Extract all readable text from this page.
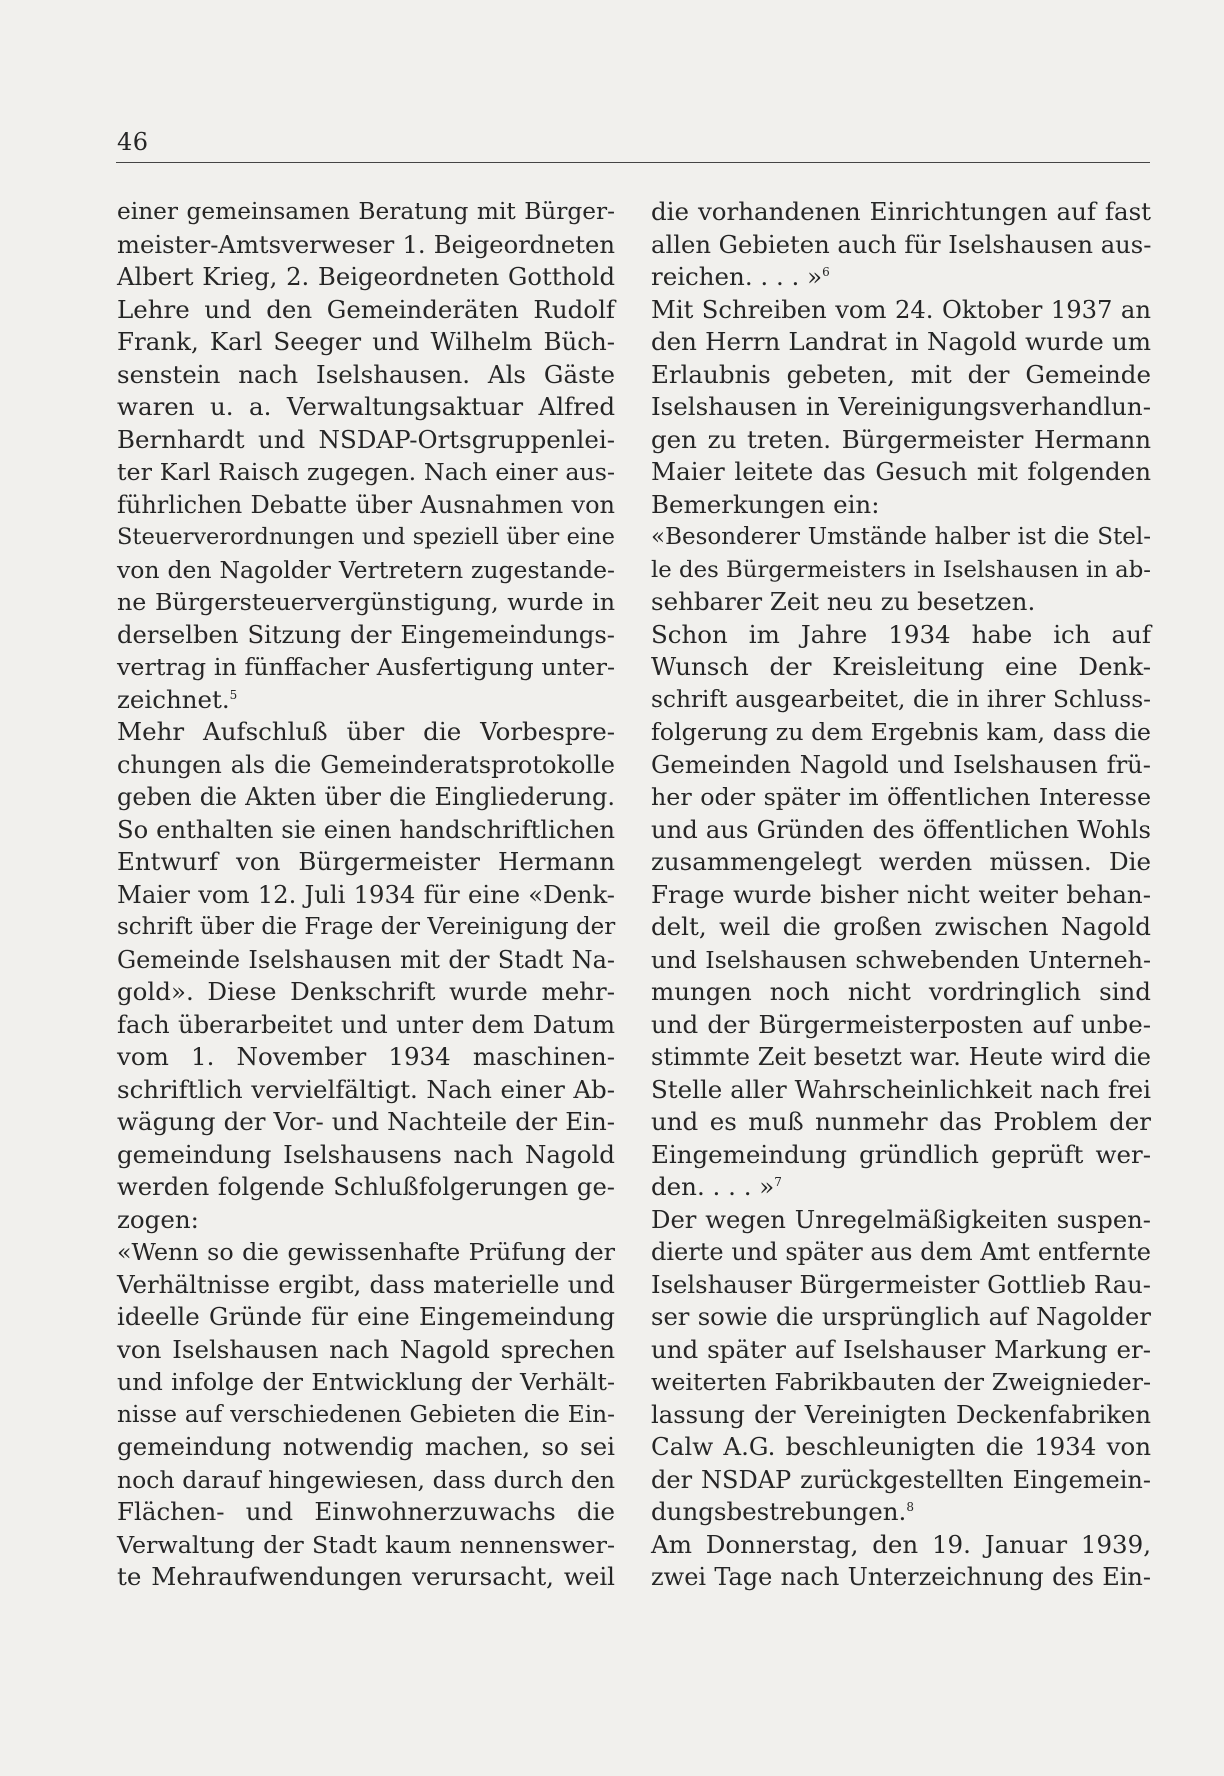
46
einer gemeinsamen Beratung mit Bürger-
meister-Amtsverweser 1. Beigeordneten
Albert Krieg, 2. Beigeordneten Gotthold
Lehre und den Gemeinderäten Rudolf
Frank, Karl Seeger und Wilhelm Büch-
senstein nach Iselshausen. Als Gäste
waren u. a. Verwaltungsaktuar Alfred
Bernhardt und NSDAP-Ortsgruppenlei-
ter Karl Raisch zugegen. Nach einer aus-
führlichen Debatte über Ausnahmen von
Steuerverordnungen und speziell über eine
von den Nagolder Vertretern zugestande-
ne Bürgersteuervergünstigung, wurde in
derselben Sitzung der Eingemeindungs-
vertrag in fünffacher Ausfertigung unter-
zeichnet.$^5$
Mehr Aufschluß über die Vorbespre-
chungen als die Gemeinderatsprotokolle
geben die Akten über die Eingliederung.
So enthalten sie einen handschriftlichen
Entwurf von Bürgermeister Hermann
Maier vom 12. Juli 1934 für eine «Denk-
schrift über die Frage der Vereinigung der
Gemeinde Iselshausen mit der Stadt Na-
gold». Diese Denkschrift wurde mehr-
fach überarbeitet und unter dem Datum
vom 1. November 1934 maschinen-
schriftlich vervielfältigt. Nach einer Ab-
wägung der Vor- und Nachteile der Ein-
gemeindung Iselshausens nach Nagold
werden folgende Schlußfolgerungen ge-
zogen:
«Wenn so die gewissenhafte Prüfung der
Verhältnisse ergibt, dass materielle und
ideelle Gründe für eine Eingemeindung
von Iselshausen nach Nagold sprechen
und infolge der Entwicklung der Verhält-
nisse auf verschiedenen Gebieten die Ein-
gemeindung notwendig machen, so sei
noch darauf hingewiesen, dass durch den
Flächen- und Einwohnerzuwachs die
Verwaltung der Stadt kaum nennenswer-
te Mehraufwendungen verursacht, weil
die vorhandenen Einrichtungen auf fast
allen Gebieten auch für Iselshausen aus-
reichen. . . . »$^6$
Mit Schreiben vom 24. Oktober 1937 an
den Herrn Landrat in Nagold wurde um
Erlaubnis gebeten, mit der Gemeinde
Iselshausen in Vereinigungsverhandlun-
gen zu treten. Bürgermeister Hermann
Maier leitete das Gesuch mit folgenden
Bemerkungen ein:
«Besonderer Umstände halber ist die Stel-
le des Bürgermeisters in Iselshausen in ab-
sehbarer Zeit neu zu besetzen.
Schon im Jahre 1934 habe ich auf
Wunsch der Kreisleitung eine Denk-
schrift ausgearbeitet, die in ihrer Schluss-
folgerung zu dem Ergebnis kam, dass die
Gemeinden Nagold und Iselshausen frü-
her oder später im öffentlichen Interesse
und aus Gründen des öffentlichen Wohls
zusammengelegt werden müssen. Die
Frage wurde bisher nicht weiter behan-
delt, weil die großen zwischen Nagold
und Iselshausen schwebenden Unterneh-
mungen noch nicht vordringlich sind
und der Bürgermeisterposten auf unbe-
stimmte Zeit besetzt war. Heute wird die
Stelle aller Wahrscheinlichkeit nach frei
und es muß nunmehr das Problem der
Eingemeindung gründlich geprüft wer-
den. . . . »$^7$
Der wegen Unregelmäßigkeiten suspen-
dierte und später aus dem Amt entfernte
Iselshauser Bürgermeister Gottlieb Rau-
ser sowie die ursprünglich auf Nagolder
und später auf Iselshauser Markung er-
weiterten Fabrikbauten der Zweignieder-
lassung der Vereinigten Deckenfabriken
Calw A.G. beschleunigten die 1934 von
der NSDAP zurückgestellten Eingemein-
dungsbestrebungen.$^8$
Am Donnerstag, den 19. Januar 1939,
zwei Tage nach Unterzeichnung des Ein-
